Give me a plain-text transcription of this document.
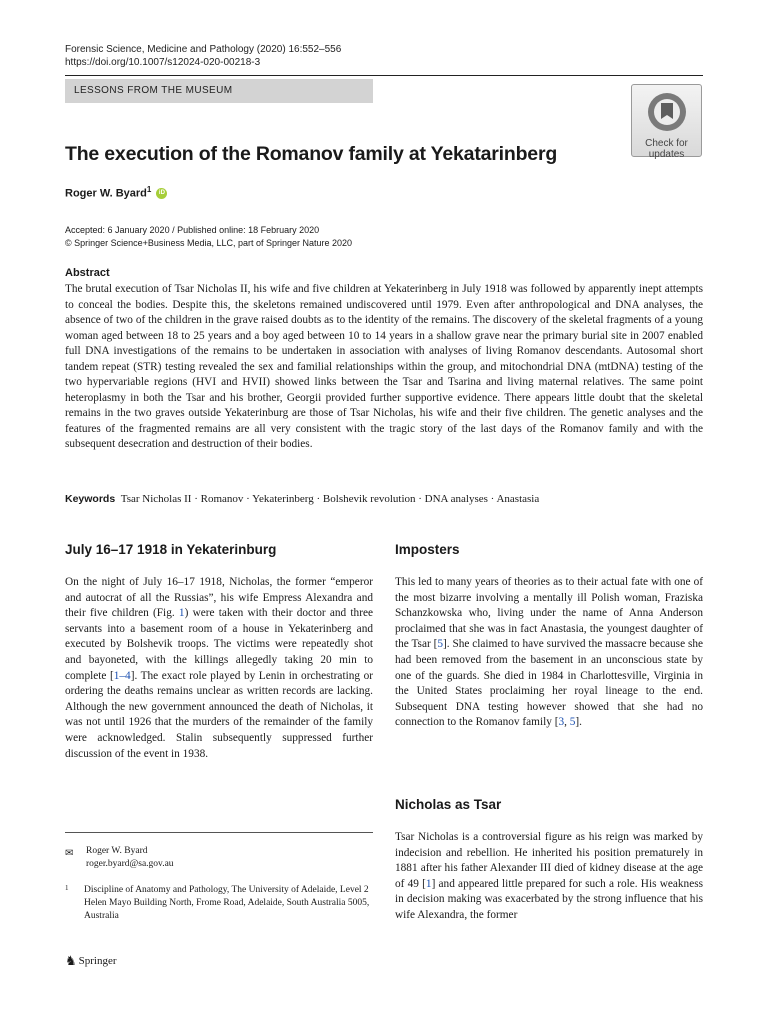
Forensic Science, Medicine and Pathology (2020) 16:552–556
https://doi.org/10.1007/s12024-020-00218-3
LESSONS FROM THE MUSEUM
Check for
updates
The execution of the Romanov family at Yekatarinberg
Roger W. Byard$^1$ iD
Accepted: 6 January 2020 / Published online: 18 February 2020
© Springer Science+Business Media, LLC, part of Springer Nature 2020
Abstract

The brutal execution of Tsar Nicholas II, his wife and five children at Yekaterinberg in July 1918 was followed by apparently inept attempts to conceal the bodies. Despite this, the skeletons remained undiscovered until 1979. Even after anthropological and DNA analyses, the absence of two of the children in the grave raised doubts as to the identity of the remains. The discovery of the skeletal fragments of a young woman aged between 18 to 25 years and a boy aged between 10 to 14 years in a shallow grave near the primary burial site in 2007 enabled full DNA investigations of the remains to be undertaken in association with analyses of living Romanov descendants. Autosomal short tandem repeat (STR) testing revealed the sex and familial relationships within the group, and mitochondrial DNA (mtDNA) testing of the two hypervariable regions (HVI and HVII) showed links between the Tsar and Tsarina and living maternal relatives. The same point heteroplasmy in both the Tsar and his brother, Georgii provided further supportive evidence. There appears little doubt that the skeletal remains in the two graves outside Yekaterinburg are those of Tsar Nicholas, his wife and their five children. The genetic analyses and the features of the fragmented remains are all very consistent with the tragic story of the last days of the Romanov family and with the subsequent desecration and destruction of their bodies.

Keywords Tsar Nicholas II · Romanov · Yekaterinberg · Bolshevik revolution · DNA analyses · Anastasia
July 16–17 1918 in Yekaterinburg

On the night of July 16–17 1918, Nicholas, the former “emperor and autocrat of all the Russias”, his wife Empress Alexandra and their five children (Fig. 1) were taken with their doctor and three servants into a basement room of a house in Yekaterinberg and executed by Bolshevik troops. The victims were repeatedly shot and bayoneted, with the killings allegedly taking 20 min to complete [1–4]. The exact role played by Lenin in orchestrating or ordering the deaths remains unclear as written records are lacking. Although the new government announced the death of Nicholas, it was not until 1926 that the murders of the remainder of the family were acknowledged. Stalin subsequently suppressed further discussion of the event in 1938.

Imposters

This led to many years of theories as to their actual fate with one of the most bizarre involving a mentally ill Polish woman, Fraziska Schanzkowska who, living under the name of Anna Anderson proclaimed that she was in fact Anastasia, the youngest daughter of the Tsar [5]. She claimed to have survived the massacre because she had been removed from the basement in an unconscious state by one of the guards. She died in 1984 in Charlottesville, Virginia in the United States proclaiming her royal lineage to the end. Subsequent DNA testing however showed that she had no connection to the Romanov family [3, 5].

Nicholas as Tsar

Tsar Nicholas is a controversial figure as his reign was marked by indecision and rebellion. He inherited his position prematurely in 1881 after his father Alexander III died of kidney disease at the age of 49 [1] and appeared little prepared for such a role. His weakness in decision making was exacerbated by the strong influence that his wife Alexandra, the former

✉ Roger W. Byard
roger.byard@sa.gov.au
1 Discipline of Anatomy and Pathology, The University of Adelaide, Level 2 Helen Mayo Building North, Frome Road, Adelaide, South Australia 5005, Australia
♞ Springer
